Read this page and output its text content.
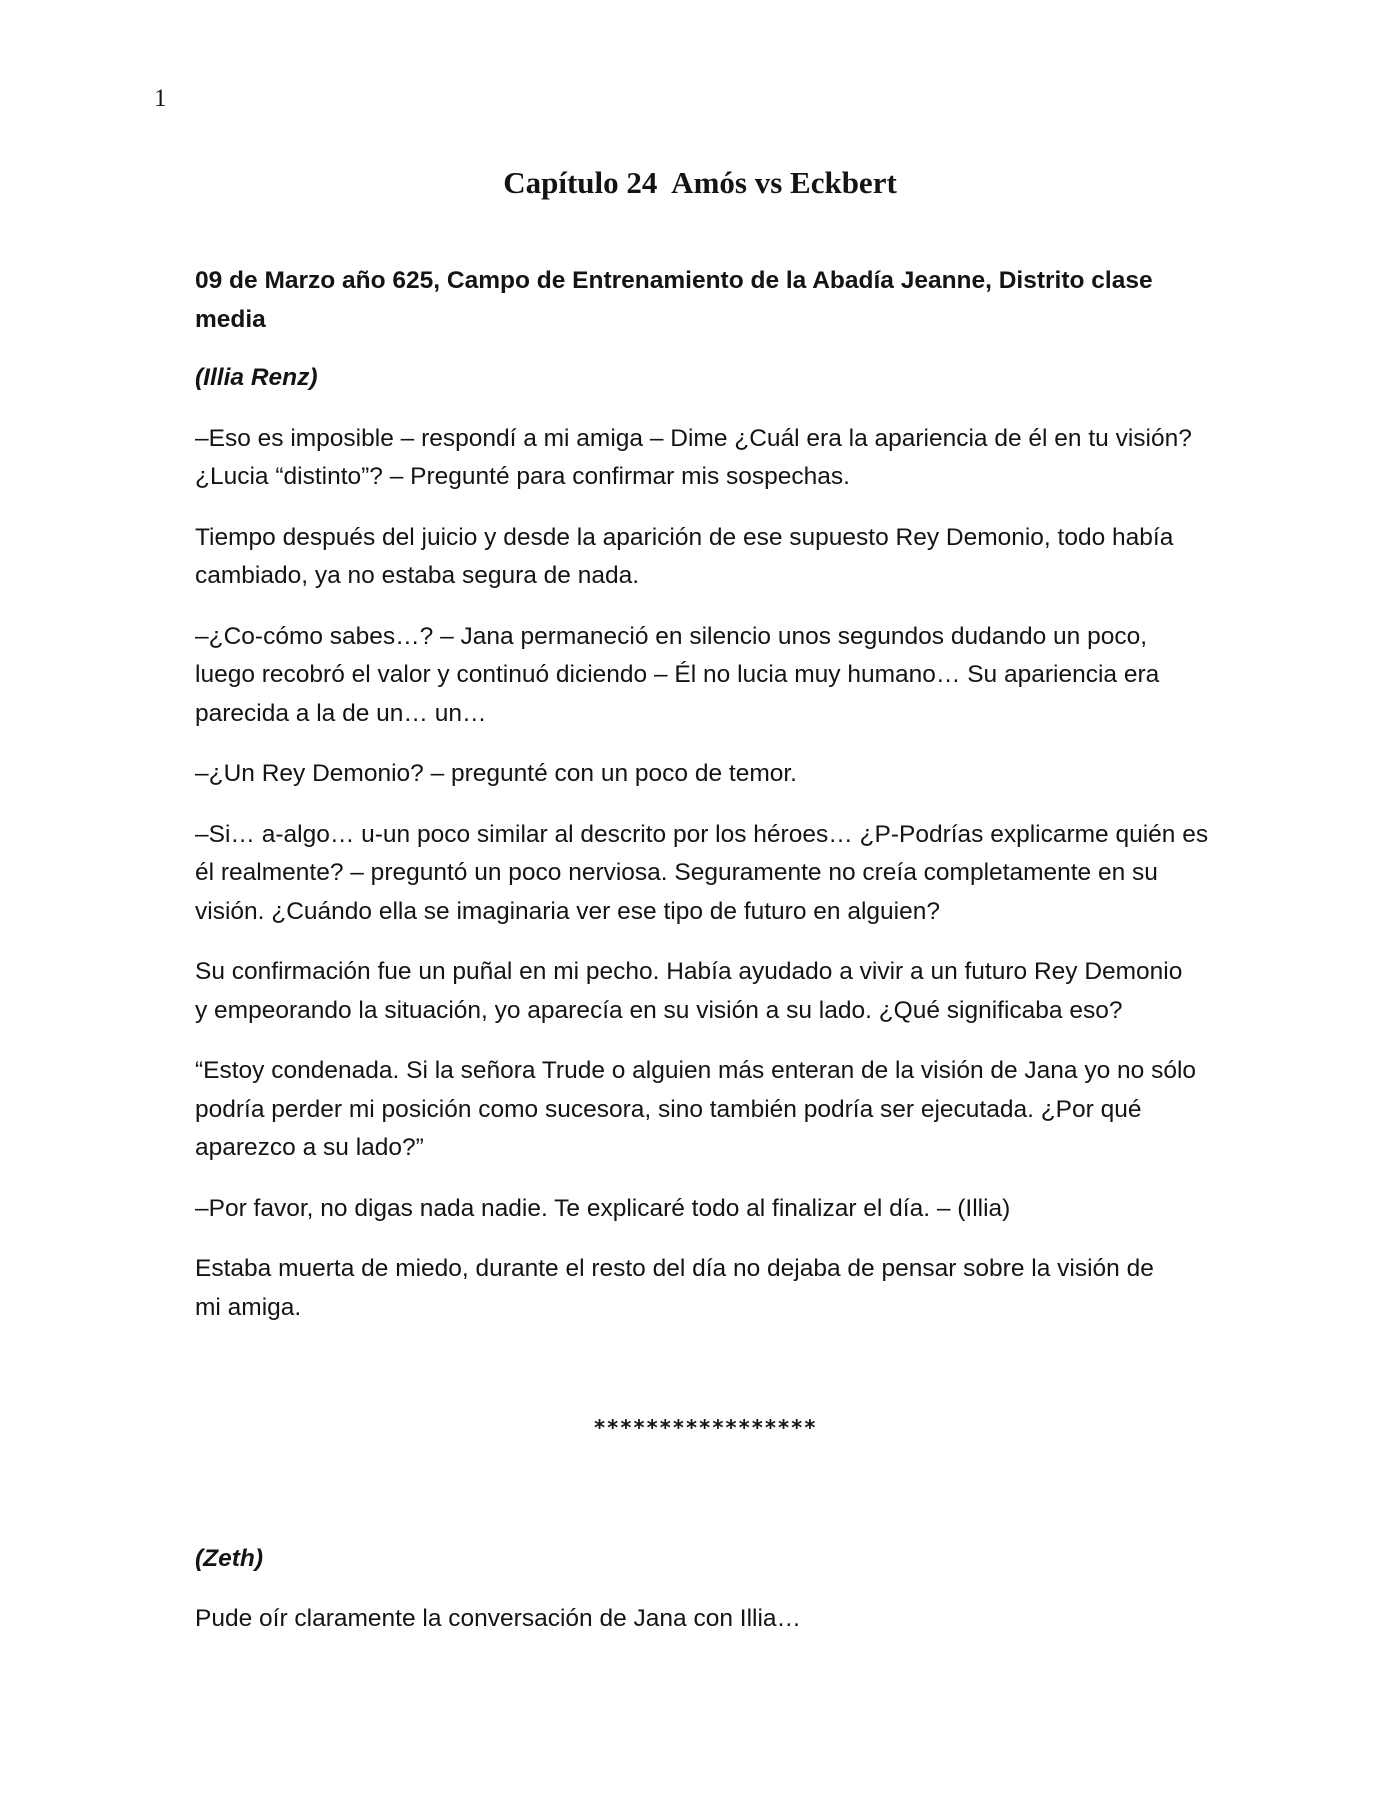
1
Capítulo 24  Amós vs Eckbert

09 de Marzo año 625, Campo de Entrenamiento de la Abadía Jeanne, Distrito clase
media

(Illia Renz)

–Eso es imposible – respondí a mi amiga – Dime ¿Cuál era la apariencia de él en tu visión?
¿Lucia “distinto”? – Pregunté para confirmar mis sospechas.

Tiempo después del juicio y desde la aparición de ese supuesto Rey Demonio, todo había
cambiado, ya no estaba segura de nada.

–¿Co-cómo sabes…? – Jana permaneció en silencio unos segundos dudando un poco,
luego recobró el valor y continuó diciendo – Él no lucia muy humano… Su apariencia era
parecida a la de un… un…

–¿Un Rey Demonio? – pregunté con un poco de temor.

–Si… a-algo… u-un poco similar al descrito por los héroes… ¿P-Podrías explicarme quién es
él realmente? – preguntó un poco nerviosa. Seguramente no creía completamente en su
visión. ¿Cuándo ella se imaginaria ver ese tipo de futuro en alguien?

Su confirmación fue un puñal en mi pecho. Había ayudado a vivir a un futuro Rey Demonio
y empeorando la situación, yo aparecía en su visión a su lado. ¿Qué significaba eso?

“Estoy condenada. Si la señora Trude o alguien más enteran de la visión de Jana yo no sólo
podría perder mi posición como sucesora, sino también podría ser ejecutada. ¿Por qué
aparezco a su lado?”

–Por favor, no digas nada nadie. Te explicaré todo al finalizar el día. – (Illia)

Estaba muerta de miedo, durante el resto del día no dejaba de pensar sobre la visión de
mi amiga.

*****************

(Zeth)

Pude oír claramente la conversación de Jana con Illia…
